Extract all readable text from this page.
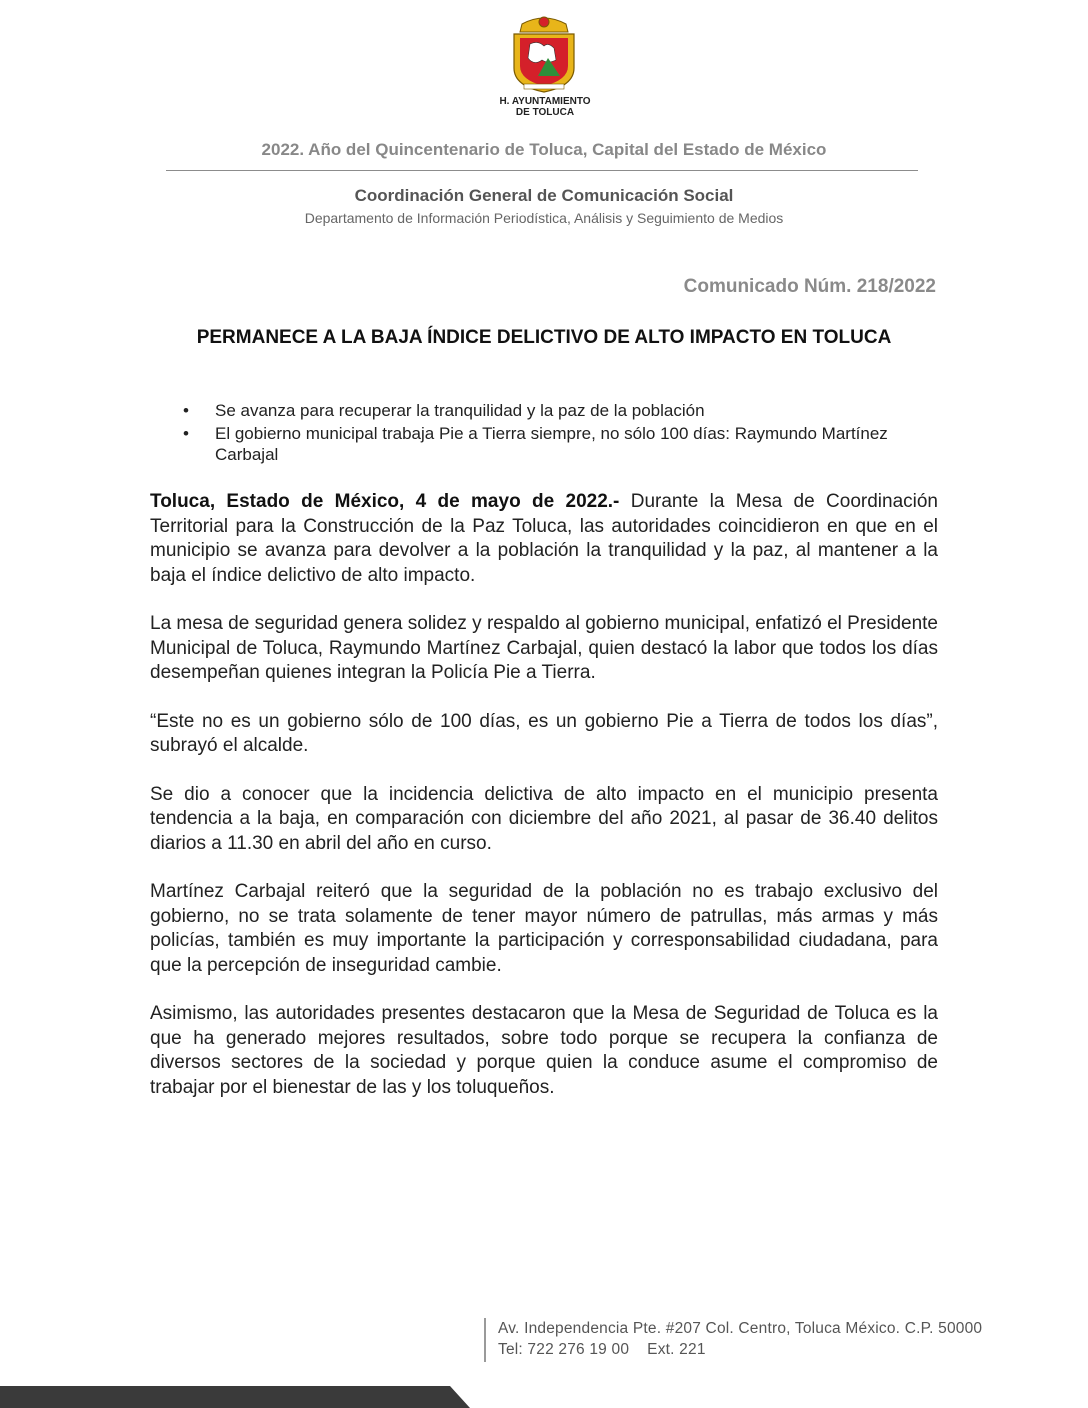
H. AYUNTAMIENTO
DE TOLUCA
2022. Año del Quincentenario de Toluca, Capital del Estado de México
Coordinación General de Comunicación Social
Departamento de Información Periodística, Análisis y Seguimiento de Medios
Comunicado Núm. 218/2022
PERMANECE A LA BAJA ÍNDICE DELICTIVO DE ALTO IMPACTO EN TOLUCA
• Se avanza para recuperar la tranquilidad y la paz de la población
• El gobierno municipal trabaja Pie a Tierra siempre, no sólo 100 días: Raymundo Martínez Carbajal

Toluca, Estado de México, 4 de mayo de 2022.- Durante la Mesa de Coordinación Territorial para la Construcción de la Paz Toluca, las autoridades coincidieron en que en el municipio se avanza para devolver a la población la tranquilidad y la paz, al mantener a la baja el índice delictivo de alto impacto.

La mesa de seguridad genera solidez y respaldo al gobierno municipal, enfatizó el Presidente Municipal de Toluca, Raymundo Martínez Carbajal, quien destacó la labor que todos los días desempeñan quienes integran la Policía Pie a Tierra.

“Este no es un gobierno sólo de 100 días, es un gobierno Pie a Tierra de todos los días”, subrayó el alcalde.

Se dio a conocer que la incidencia delictiva de alto impacto en el municipio presenta tendencia a la baja, en comparación con diciembre del año 2021, al pasar de 36.40 delitos diarios a 11.30 en abril del año en curso.

Martínez Carbajal reiteró que la seguridad de la población no es trabajo exclusivo del gobierno, no se trata solamente de tener mayor número de patrullas, más armas y más policías, también es muy importante la participación y corresponsabilidad ciudadana, para que la percepción de inseguridad cambie.

Asimismo, las autoridades presentes destacaron que la Mesa de Seguridad de Toluca es la que ha generado mejores resultados, sobre todo porque se recupera la confianza de diversos sectores de la sociedad y porque quien la conduce asume el compromiso de trabajar por el bienestar de las y los toluqueños.

Av. Independencia Pte. #207 Col. Centro, Toluca México. C.P. 50000
Tel: 722 276 19 00    Ext. 221
